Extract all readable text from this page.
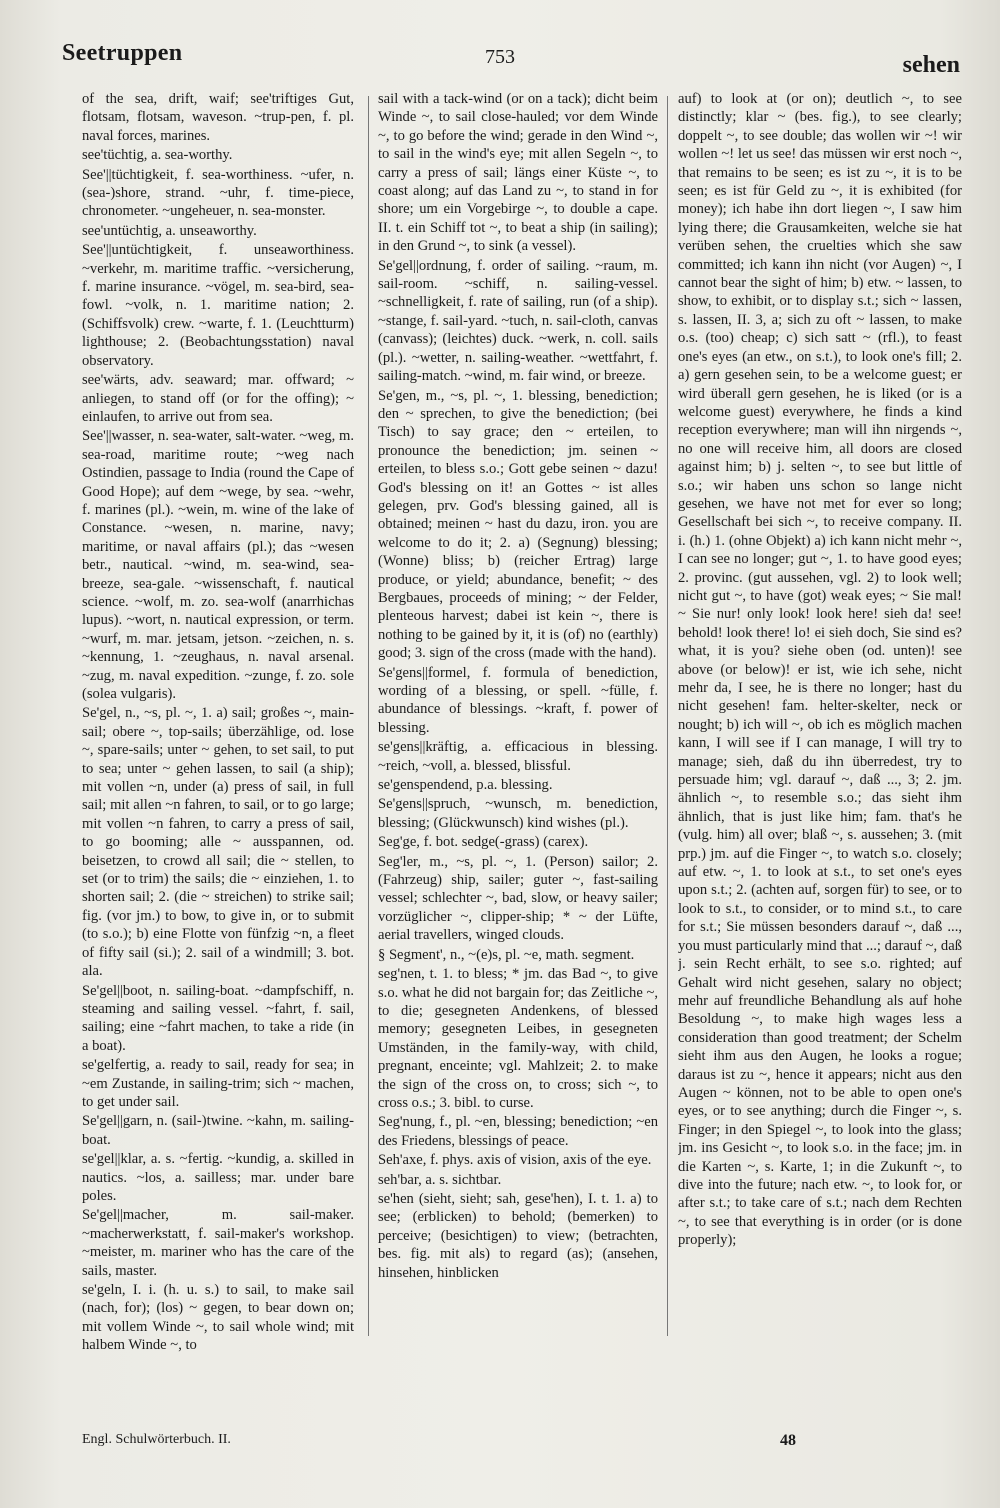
Seetruppen	753	sehen

of the sea, drift, waif; see'triftiges Gut, flotsam, flotsam, waveson. ~trup-pen, f. pl. naval forces, marines.

see'tüchtig, a. sea-worthy.

See'||tüchtigkeit, f. sea-worthiness. ~ufer, n. (sea-)shore, strand. ~uhr, f. time-piece, chronometer. ~ungeheuer, n. sea-monster.

see'untüchtig, a. unseaworthy.

See'||untüchtigkeit, f. unseaworthiness. ~verkehr, m. maritime traffic. ~versicherung, f. marine insurance. ~vögel, m. sea-bird, sea-fowl. ~volk, n. 1. maritime nation; 2. (Schiffsvolk) crew. ~warte, f. 1. (Leuchtturm) lighthouse; 2. (Beobachtungsstation) naval observatory.

see'wärts, adv. seaward; mar. offward; ~ anliegen, to stand off (or for the offing); ~ einlaufen, to arrive out from sea.

See'||wasser, n. sea-water, salt-water. ~weg, m. sea-road, maritime route; ~weg nach Ostindien, passage to India (round the Cape of Good Hope); auf dem ~wege, by sea. ~wehr, f. marines (pl.). ~wein, m. wine of the lake of Constance. ~wesen, n. marine, navy; maritime, or naval affairs (pl.); das ~wesen betr., nautical. ~wind, m. sea-wind, sea-breeze, sea-gale. ~wissenschaft, f. nautical science. ~wolf, m. zo. sea-wolf (anarrhichas lupus). ~wort, n. nautical expression, or term. ~wurf, m. mar. jetsam, jetson. ~zeichen, n. s. ~kennung, 1. ~zeughaus, n. naval arsenal. ~zug, m. naval expedition. ~zunge, f. zo. sole (solea vulgaris).

Se'gel, n., ~s, pl. ~, 1. a) sail; großes ~, main-sail; obere ~, top-sails; überzählige, od. lose ~, spare-sails; unter ~ gehen, to set sail, to put to sea; unter ~ gehen lassen, to sail (a ship); mit vollen ~n, under (a) press of sail, in full sail; mit allen ~n fahren, to sail, or to go large; mit vollen ~n fahren, to carry a press of sail, to go booming; alle ~ ausspannen, od. beisetzen, to crowd all sail; die ~ stellen, to set (or to trim) the sails; die ~ einziehen, 1. to shorten sail; 2. (die ~ streichen) to strike sail; fig. (vor jm.) to bow, to give in, or to submit (to s.o.); b) eine Flotte von fünfzig ~n, a fleet of fifty sail (si.); 2. sail of a windmill; 3. bot. ala.

Se'gel||boot, n. sailing-boat. ~dampfschiff, n. steaming and sailing vessel. ~fahrt, f. sail, sailing; eine ~fahrt machen, to take a ride (in a boat).

se'gelfertig, a. ready to sail, ready for sea; in ~em Zustande, in sailing-trim; sich ~ machen, to get under sail.

Se'gel||garn, n. (sail-)twine. ~kahn, m. sailing-boat.

se'gel||klar, a. s. ~fertig. ~kundig, a. skilled in nautics. ~los, a. sailless; mar. under bare poles.

Se'gel||macher, m. sail-maker. ~macherwerkstatt, f. sail-maker's workshop. ~meister, m. mariner who has the care of the sails, master.

se'geln, I. i. (h. u. s.) to sail, to make sail (nach, for); (los) ~ gegen, to bear down on; mit vollem Winde ~, to sail whole wind; mit halbem Winde ~, to

sail with a tack-wind (or on a tack); dicht beim Winde ~, to sail close-hauled; vor dem Winde ~, to go before the wind; gerade in den Wind ~, to sail in the wind's eye; mit allen Segeln ~, to carry a press of sail; längs einer Küste ~, to coast along; auf das Land zu ~, to stand in for shore; um ein Vorgebirge ~, to double a cape. II. t. ein Schiff tot ~, to beat a ship (in sailing); in den Grund ~, to sink (a vessel).

Se'gel||ordnung, f. order of sailing. ~raum, m. sail-room. ~schiff, n. sailing-vessel. ~schnelligkeit, f. rate of sailing, run (of a ship). ~stange, f. sail-yard. ~tuch, n. sail-cloth, canvas (canvass); (leichtes) duck. ~werk, n. coll. sails (pl.). ~wetter, n. sailing-weather. ~wettfahrt, f. sailing-match. ~wind, m. fair wind, or breeze.

Se'gen, m., ~s, pl. ~, 1. blessing, benediction; den ~ sprechen, to give the benediction; (bei Tisch) to say grace; den ~ erteilen, to pronounce the benediction; jm. seinen ~ erteilen, to bless s.o.; Gott gebe seinen ~ dazu! God's blessing on it! an Gottes ~ ist alles gelegen, prv. God's blessing gained, all is obtained; meinen ~ hast du dazu, iron. you are welcome to do it; 2. a) (Segnung) blessing; (Wonne) bliss; b) (reicher Ertrag) large produce, or yield; abundance, benefit; ~ des Bergbaues, proceeds of mining; ~ der Felder, plenteous harvest; dabei ist kein ~, there is nothing to be gained by it, it is (of) no (earthly) good; 3. sign of the cross (made with the hand).

Se'gens||formel, f. formula of benediction, wording of a blessing, or spell. ~fülle, f. abundance of blessings. ~kraft, f. power of blessing.

se'gens||kräftig, a. efficacious in blessing. ~reich, ~voll, a. blessed, blissful.

se'genspendend, p.a. blessing.

Se'gens||spruch, ~wunsch, m. benediction, blessing; (Glückwunsch) kind wishes (pl.).

Seg'ge, f. bot. sedge(-grass) (carex).

Seg'ler, m., ~s, pl. ~, 1. (Person) sailor; 2. (Fahrzeug) ship, sailer; guter ~, fast-sailing vessel; schlechter ~, bad, slow, or heavy sailer; vorzüglicher ~, clipper-ship; * ~ der Lüfte, aerial travellers, winged clouds.

§ Segment', n., ~(e)s, pl. ~e, math. segment.

seg'nen, t. 1. to bless; * jm. das Bad ~, to give s.o. what he did not bargain for; das Zeitliche ~, to die; gesegneten Andenkens, of blessed memory; gesegneten Leibes, in gesegneten Umständen, in the family-way, with child, pregnant, enceinte; vgl. Mahlzeit; 2. to make the sign of the cross on, to cross; sich ~, to cross o.s.; 3. bibl. to curse.

Seg'nung, f., pl. ~en, blessing; benediction; ~en des Friedens, blessings of peace.

Seh'axe, f. phys. axis of vision, axis of the eye.

seh'bar, a. s. sichtbar.

se'hen (sieht, sieht; sah, gese'hen), I. t. 1. a) to see; (erblicken) to behold; (bemerken) to perceive; (besichtigen) to view; (betrachten, bes. fig. mit als) to regard (as); (ansehen, hinsehen, hinblicken

auf) to look at (or on); deutlich ~, to see distinctly; klar ~ (bes. fig.), to see clearly; doppelt ~, to see double; das wollen wir ~! wir wollen ~! let us see! das müssen wir erst noch ~, that remains to be seen; es ist zu ~, it is to be seen; es ist für Geld zu ~, it is exhibited (for money); ich habe ihn dort liegen ~, I saw him lying there; die Grausamkeiten, welche sie hat verüben sehen, the cruelties which she saw committed; ich kann ihn nicht (vor Augen) ~, I cannot bear the sight of him; b) etw. ~ lassen, to show, to exhibit, or to display s.t.; sich ~ lassen, s. lassen, II. 3, a; sich zu oft ~ lassen, to make o.s. (too) cheap; c) sich satt ~ (rfl.), to feast one's eyes (an etw., on s.t.), to look one's fill; 2. a) gern gesehen sein, to be a welcome guest; er wird überall gern gesehen, he is liked (or is a welcome guest) everywhere, he finds a kind reception everywhere; man will ihn nirgends ~, no one will receive him, all doors are closed against him; b) j. selten ~, to see but little of s.o.; wir haben uns schon so lange nicht gesehen, we have not met for ever so long; Gesellschaft bei sich ~, to receive company. II. i. (h.) 1. (ohne Objekt) a) ich kann nicht mehr ~, I can see no longer; gut ~, 1. to have good eyes; 2. provinc. (gut aussehen, vgl. 2) to look well; nicht gut ~, to have (got) weak eyes; ~ Sie mal! ~ Sie nur! only look! look here! sieh da! see! behold! look there! lo! ei sieh doch, Sie sind es? what, it is you? siehe oben (od. unten)! see above (or below)! er ist, wie ich sehe, nicht mehr da, I see, he is there no longer; hast du nicht gesehen! fam. helter-skelter, neck or nought; b) ich will ~, ob ich es möglich machen kann, I will see if I can manage, I will try to manage; sieh, daß du ihn überredest, try to persuade him; vgl. darauf ~, daß ..., 3; 2. jm. ähnlich ~, to resemble s.o.; das sieht ihm ähnlich, that is just like him; fam. that's he (vulg. him) all over; blaß ~, s. aussehen; 3. (mit prp.) jm. auf die Finger ~, to watch s.o. closely; auf etw. ~, 1. to look at s.t., to set one's eyes upon s.t.; 2. (achten auf, sorgen für) to see, or to look to s.t., to consider, or to mind s.t., to care for s.t.; Sie müssen besonders darauf ~, daß ..., you must particularly mind that ...; darauf ~, daß j. sein Recht erhält, to see s.o. righted; auf Gehalt wird nicht gesehen, salary no object; mehr auf freundliche Behandlung als auf hohe Besoldung ~, to make high wages less a consideration than good treatment; der Schelm sieht ihm aus den Augen, he looks a rogue; daraus ist zu ~, hence it appears; nicht aus den Augen ~ können, not to be able to open one's eyes, or to see anything; durch die Finger ~, s. Finger; in den Spiegel ~, to look into the glass; jm. ins Gesicht ~, to look s.o. in the face; jm. in die Karten ~, s. Karte, 1; in die Zukunft ~, to dive into the future; nach etw. ~, to look for, or after s.t.; to take care of s.t.; nach dem Rechten ~, to see that everything is in order (or is done properly);

Engl. Schulwörterbuch. II.	48
